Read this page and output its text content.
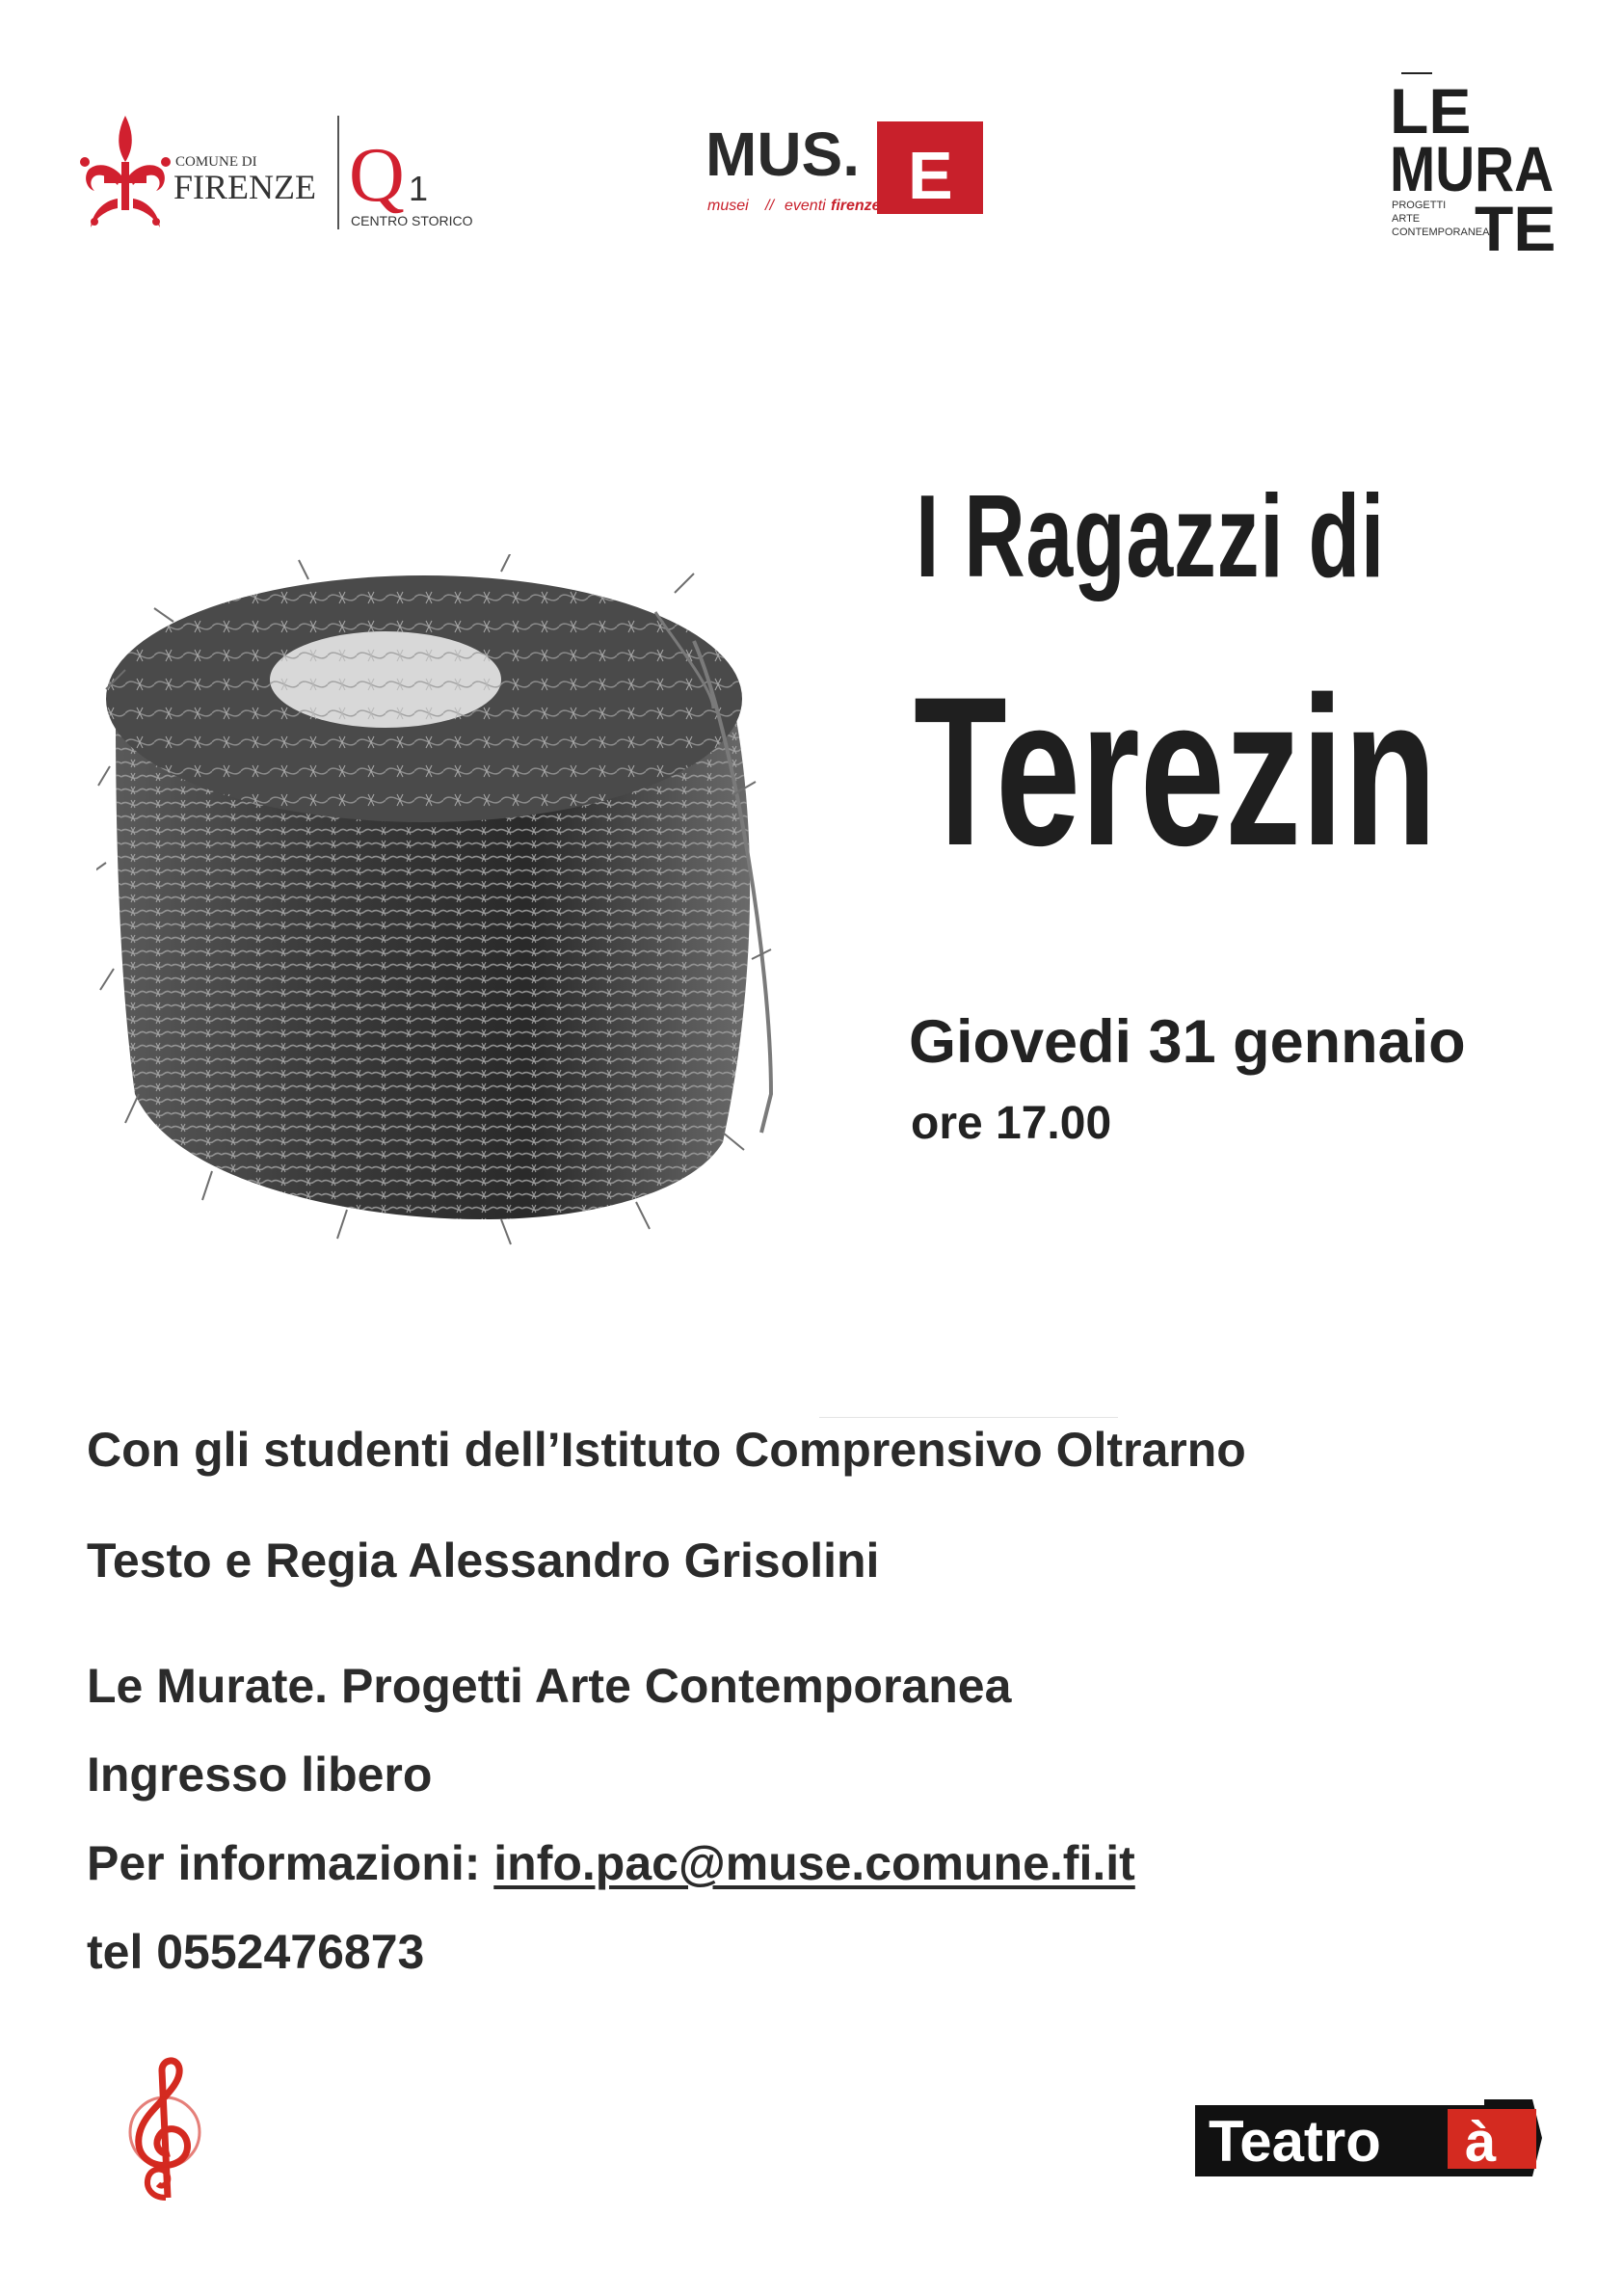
COMUNE DI
FIRENZE Q 1
CENTRO STORICO
MUS. E
musei // eventi firenze
LE
MURA
TE
PROGETTI
ARTE
CONTEMPORANEA
I Ragazzi di
Terezin
Giovedi 31 gennaio
ore 17.00
Con gli studenti dell’Istituto Comprensivo Oltrarno
Testo e Regia Alessandro Grisolini
Le Murate. Progetti Arte Contemporanea
Ingresso libero
Per informazioni: info.pac@muse.comune.fi.it
tel 0552476873
Teatro à
